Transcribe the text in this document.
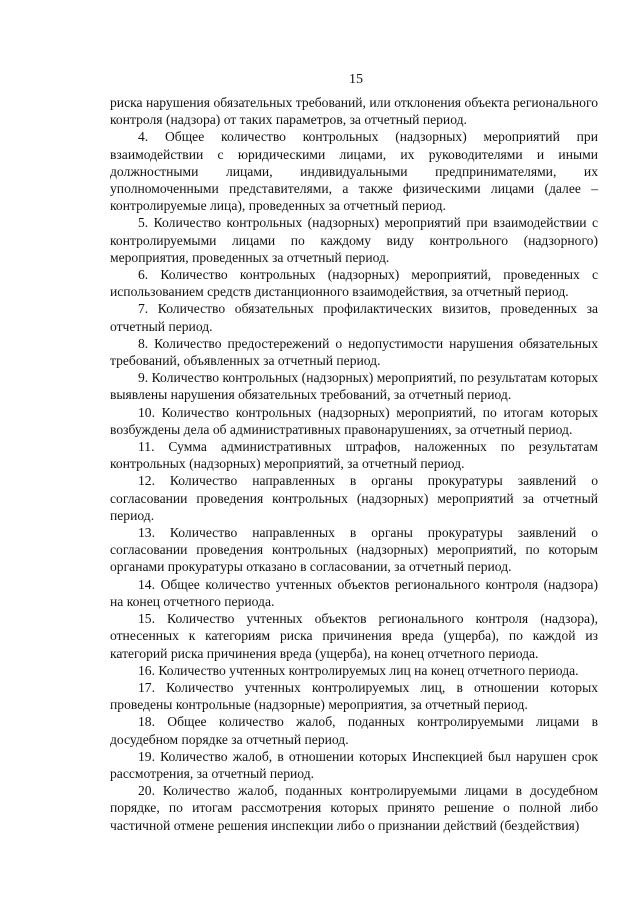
15

риска нарушения обязательных требований, или отклонения объекта регионального контроля (надзора) от таких параметров, за отчетный период.

4. Общее количество контрольных (надзорных) мероприятий при взаимодействии с юридическими лицами, их руководителями и иными должностными лицами, индивидуальными предпринимателями, их уполномоченными представителями, а также физическими лицами (далее – контролируемые лица), проведенных за отчетный период.

5. Количество контрольных (надзорных) мероприятий при взаимодействии с контролируемыми лицами по каждому виду контрольного (надзорного) мероприятия, проведенных за отчетный период.

6. Количество контрольных (надзорных) мероприятий, проведенных с использованием средств дистанционного взаимодействия, за отчетный период.

7. Количество обязательных профилактических визитов, проведенных за отчетный период.

8. Количество предостережений о недопустимости нарушения обязательных требований, объявленных за отчетный период.

9. Количество контрольных (надзорных) мероприятий, по результатам которых выявлены нарушения обязательных требований, за отчетный период.

10. Количество контрольных (надзорных) мероприятий, по итогам которых возбуждены дела об административных правонарушениях, за отчетный период.

11. Сумма административных штрафов, наложенных по результатам контрольных (надзорных) мероприятий, за отчетный период.

12. Количество направленных в органы прокуратуры заявлений о согласовании проведения контрольных (надзорных) мероприятий за отчетный период.

13. Количество направленных в органы прокуратуры заявлений о согласовании проведения контрольных (надзорных) мероприятий, по которым органами прокуратуры отказано в согласовании, за отчетный период.

14. Общее количество учтенных объектов регионального контроля (надзора) на конец отчетного периода.

15. Количество учтенных объектов регионального контроля (надзора), отнесенных к категориям риска причинения вреда (ущерба), по каждой из категорий риска причинения вреда (ущерба), на конец отчетного периода.

16. Количество учтенных контролируемых лиц на конец отчетного периода.

17. Количество учтенных контролируемых лиц, в отношении которых проведены контрольные (надзорные) мероприятия, за отчетный период.

18. Общее количество жалоб, поданных контролируемыми лицами в досудебном порядке за отчетный период.

19. Количество жалоб, в отношении которых Инспекцией был нарушен срок рассмотрения, за отчетный период.

20. Количество жалоб, поданных контролируемыми лицами в досудебном порядке, по итогам рассмотрения которых принято решение о полной либо частичной отмене решения инспекции либо о признании действий (бездействия)
